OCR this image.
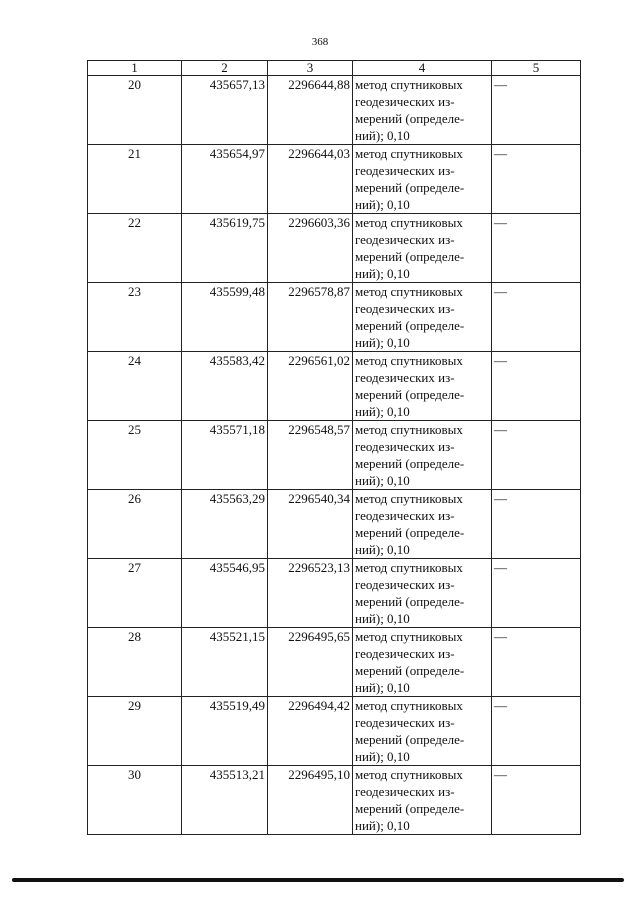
368
1	2	3	4	5
20	435657,13	2296644,88	метод спутниковых
геодезических из-
мерений (определе-
ний); 0,10	—
21	435654,97	2296644,03	метод спутниковых
геодезических из-
мерений (определе-
ний); 0,10	—
22	435619,75	2296603,36	метод спутниковых
геодезических из-
мерений (определе-
ний); 0,10	—
23	435599,48	2296578,87	метод спутниковых
геодезических из-
мерений (определе-
ний); 0,10	—
24	435583,42	2296561,02	метод спутниковых
геодезических из-
мерений (определе-
ний); 0,10	—
25	435571,18	2296548,57	метод спутниковых
геодезических из-
мерений (определе-
ний); 0,10	—
26	435563,29	2296540,34	метод спутниковых
геодезических из-
мерений (определе-
ний); 0,10	—
27	435546,95	2296523,13	метод спутниковых
геодезических из-
мерений (определе-
ний); 0,10	—
28	435521,15	2296495,65	метод спутниковых
геодезических из-
мерений (определе-
ний); 0,10	—
29	435519,49	2296494,42	метод спутниковых
геодезических из-
мерений (определе-
ний); 0,10	—
30	435513,21	2296495,10	метод спутниковых
геодезических из-
мерений (определе-
ний); 0,10	—
